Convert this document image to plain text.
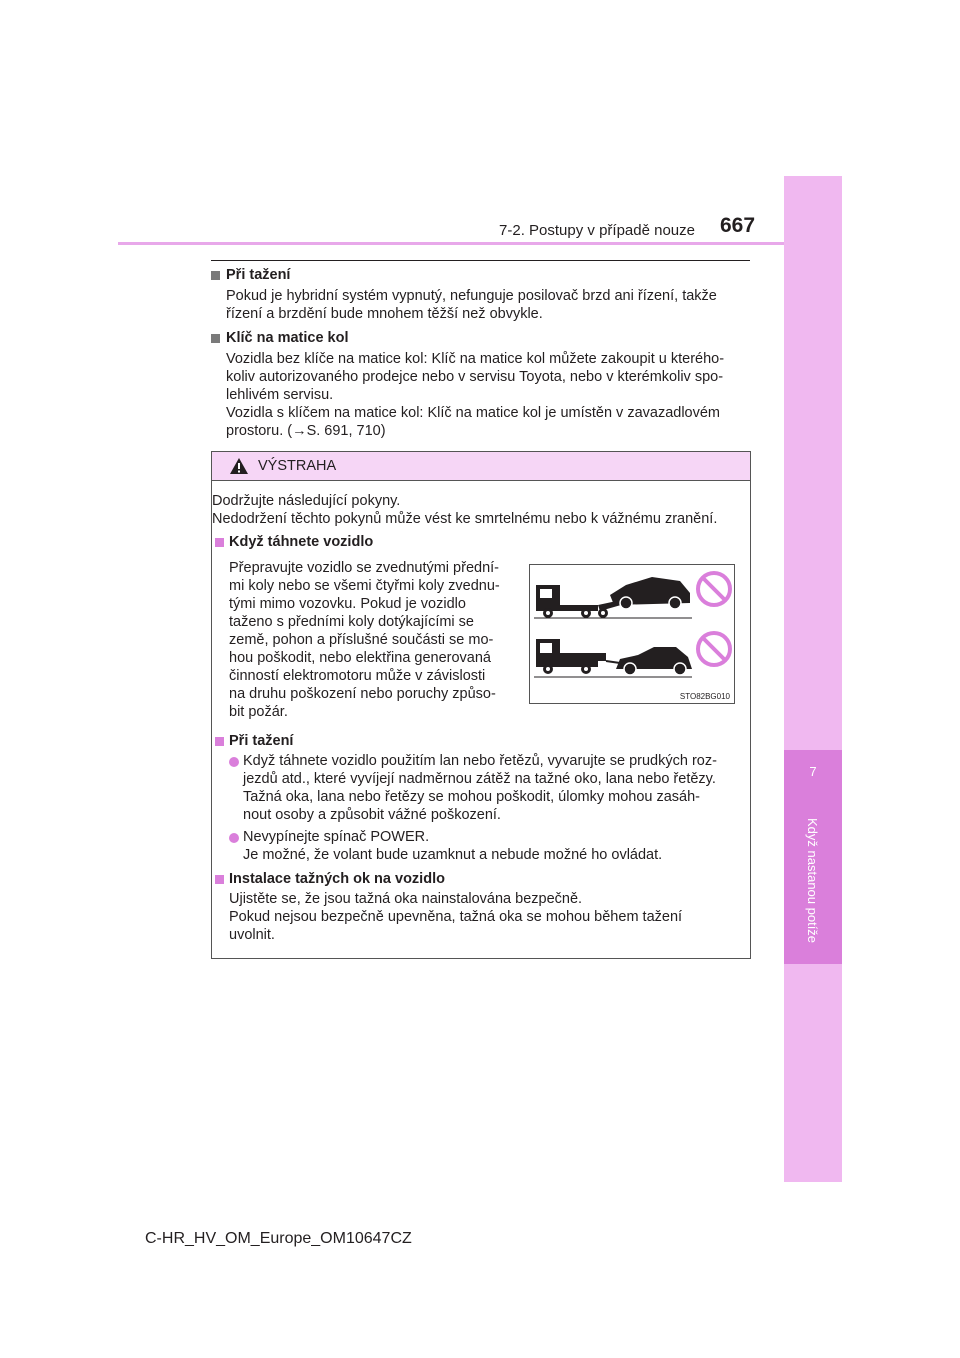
7
Když nastanou potíže
7-2. Postupy v případě nouze 667
Při tažení
Pokud je hybridní systém vypnutý, nefunguje posilovač brzd ani řízení, takže
řízení a brzdění bude mnohem těžší než obvykle.
Klíč na matice kol
Vozidla bez klíče na matice kol: Klíč na matice kol můžete zakoupit u kterého-
koliv autorizovaného prodejce nebo v servisu Toyota, nebo v kterémkoliv spo-
lehlivém servisu.
Vozidla s klíčem na matice kol: Klíč na matice kol je umístěn v zavazadlovém
prostoru. (→S. 691, 710)
VÝSTRAHA
Dodržujte následující pokyny.
Nedodržení těchto pokynů může vést ke smrtelnému nebo k vážnému zranění.
Když táhnete vozidlo
Přepravujte vozidlo se zvednutými přední-
mi koly nebo se všemi čtyřmi koly zvednu-
tými mimo vozovku. Pokud je vozidlo
taženo s předními koly dotýkajícími se
země, pohon a příslušné součásti se mo-
hou poškodit, nebo elektřina generovaná
činností elektromotoru může v závislosti
na druhu poškození nebo poruchy způso-
bit požár.
STO82BG010
Při tažení
Když táhnete vozidlo použitím lan nebo řetězů, vyvarujte se prudkých roz-
jezdů atd., které vyvíjejí nadměrnou zátěž na tažné oko, lana nebo řetězy.
Tažná oka, lana nebo řetězy se mohou poškodit, úlomky mohou zasáh-
nout osoby a způsobit vážné poškození.
Nevypínejte spínač POWER.
Je možné, že volant bude uzamknut a nebude možné ho ovládat.
Instalace tažných ok na vozidlo
Ujistěte se, že jsou tažná oka nainstalována bezpečně.
Pokud nejsou bezpečně upevněna, tažná oka se mohou během tažení
uvolnit.
C-HR_HV_OM_Europe_OM10647CZ
